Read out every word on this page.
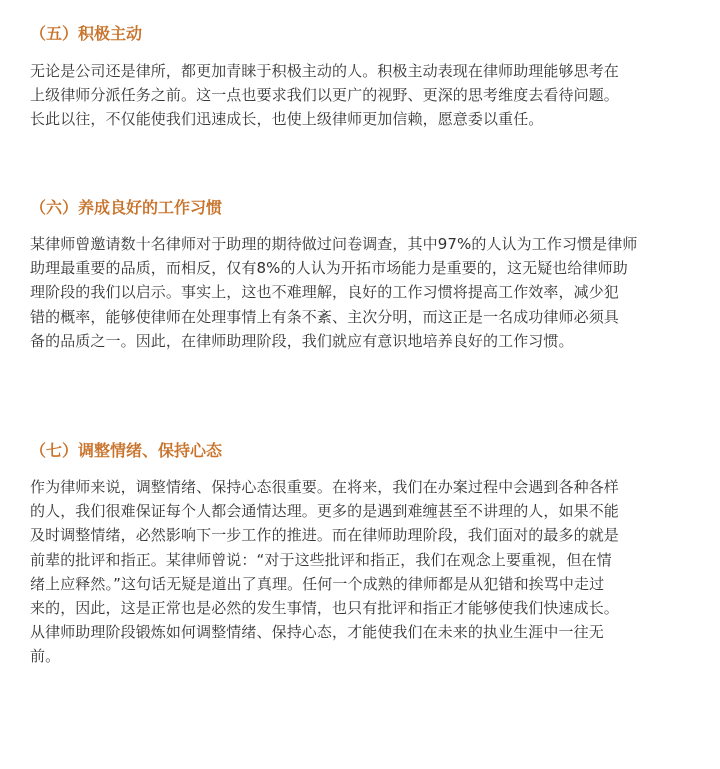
（五）积极主动
无论是公司还是律所，都更加青睐于积极主动的人。积极主动表现在律师助理能够思考在
上级律师分派任务之前。这一点也要求我们以更广的视野、更深的思考维度去看待问题。
长此以往，不仅能使我们迅速成长，也使上级律师更加信赖，愿意委以重任。
（六）养成良好的工作习惯
某律师曾邀请数十名律师对于助理的期待做过问卷调查，其中97%的人认为工作习惯是律师
助理最重要的品质，而相反，仅有8%的人认为开拓市场能力是重要的，这无疑也给律师助
理阶段的我们以启示。事实上，这也不难理解，良好的工作习惯将提高工作效率，减少犯
错的概率，能够使律师在处理事情上有条不紊、主次分明，而这正是一名成功律师必须具
备的品质之一。因此，在律师助理阶段，我们就应有意识地培养良好的工作习惯。
（七）调整情绪、保持心态
作为律师来说，调整情绪、保持心态很重要。在将来，我们在办案过程中会遇到各种各样
的人，我们很难保证每个人都会通情达理。更多的是遇到难缠甚至不讲理的人，如果不能
及时调整情绪，必然影响下一步工作的推进。而在律师助理阶段，我们面对的最多的就是
前辈的批评和指正。某律师曾说：“对于这些批评和指正，我们在观念上要重视，但在情
绪上应释然。”这句话无疑是道出了真理。任何一个成熟的律师都是从犯错和挨骂中走过
来的，因此，这是正常也是必然的发生事情，也只有批评和指正才能够使我们快速成长。
从律师助理阶段锻炼如何调整情绪、保持心态，才能使我们在未来的执业生涯中一往无
前。
